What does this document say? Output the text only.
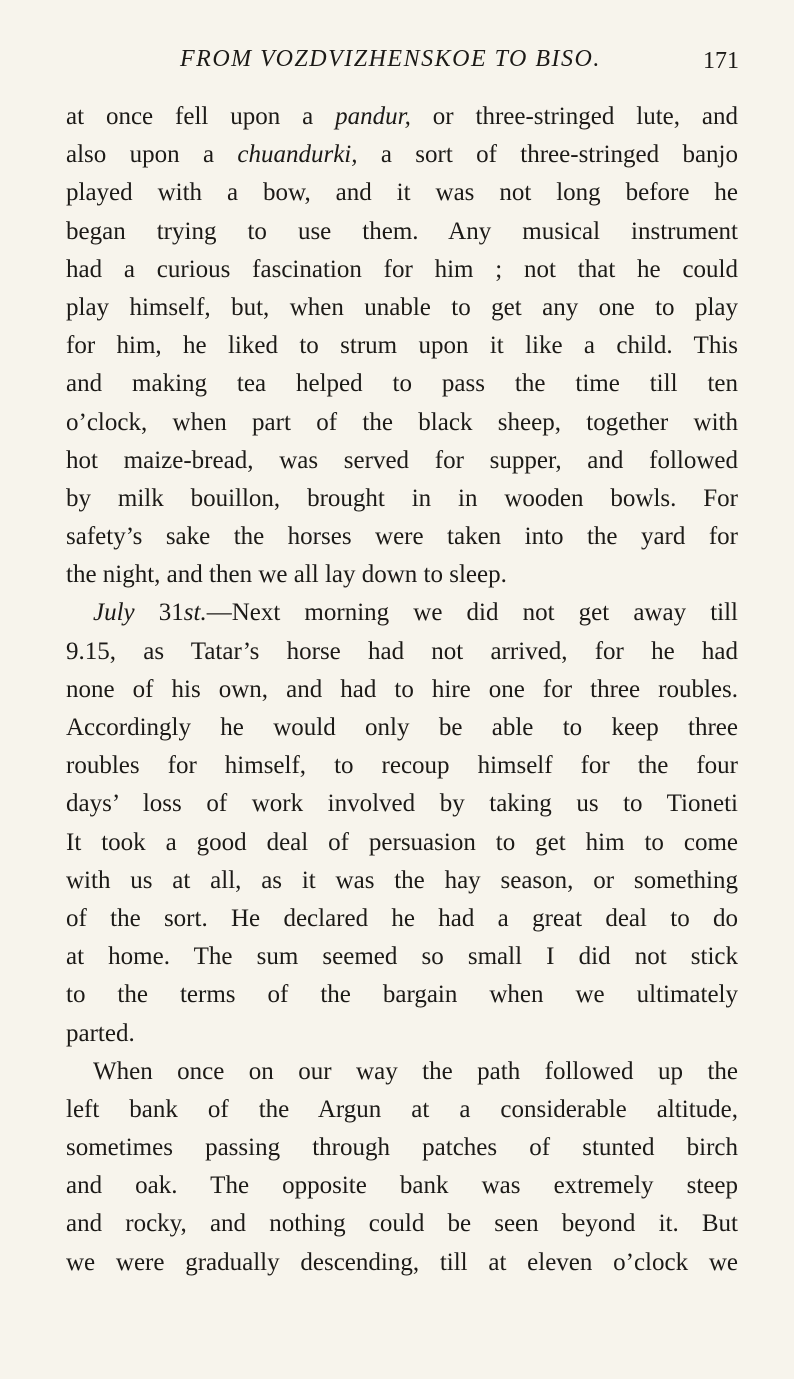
FROM VOZDVIZHENSKOE TO BISO.	171
at once fell upon a pandur, or three-stringed lute, and
also upon a chuandurki, a sort of three-stringed banjo
played with a bow, and it was not long before he
began trying to use them. Any musical instrument
had a curious fascination for him ; not that he could
play himself, but, when unable to get any one to play
for him, he liked to strum upon it like a child. This
and making tea helped to pass the time till ten
o’clock, when part of the black sheep, together with
hot maize-bread, was served for supper, and followed
by milk bouillon, brought in in wooden bowls. For
safety’s sake the horses were taken into the yard for
the night, and then we all lay down to sleep.
July 31st.—Next morning we did not get away till
9.15, as Tatar’s horse had not arrived, for he had
none of his own, and had to hire one for three roubles.
Accordingly he would only be able to keep three
roubles for himself, to recoup himself for the four
days’ loss of work involved by taking us to Tioneti
It took a good deal of persuasion to get him to come
with us at all, as it was the hay season, or something
of the sort. He declared he had a great deal to do
at home. The sum seemed so small I did not stick
to the terms of the bargain when we ultimately
parted.
When once on our way the path followed up the
left bank of the Argun at a considerable altitude,
sometimes passing through patches of stunted birch
and oak. The opposite bank was extremely steep
and rocky, and nothing could be seen beyond it. But
we were gradually descending, till at eleven o’clock we
